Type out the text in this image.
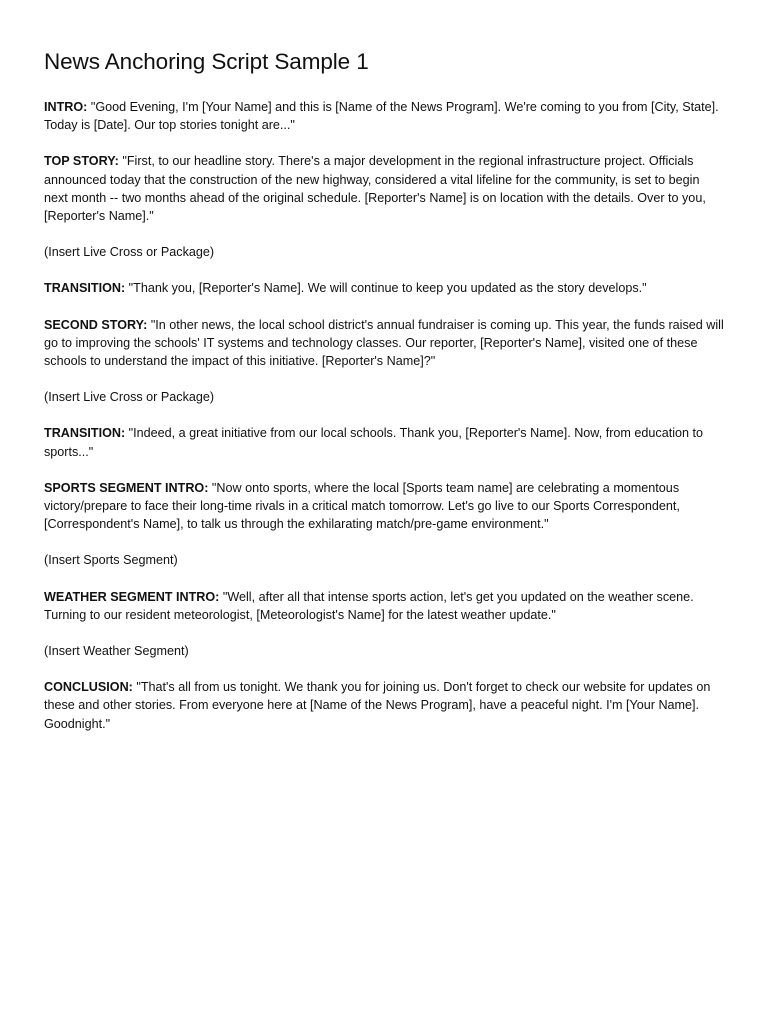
News Anchoring Script Sample 1

INTRO: "Good Evening, I'm [Your Name] and this is [Name of the News Program]. We're coming to you from [City, State]. Today is [Date]. Our top stories tonight are..."

TOP STORY: "First, to our headline story. There's a major development in the regional infrastructure project. Officials announced today that the construction of the new highway, considered a vital lifeline for the community, is set to begin next month -- two months ahead of the original schedule. [Reporter's Name] is on location with the details. Over to you, [Reporter's Name]."

(Insert Live Cross or Package)

TRANSITION: "Thank you, [Reporter's Name]. We will continue to keep you updated as the story develops."

SECOND STORY: "In other news, the local school district's annual fundraiser is coming up. This year, the funds raised will go to improving the schools' IT systems and technology classes. Our reporter, [Reporter's Name], visited one of these schools to understand the impact of this initiative. [Reporter's Name]?"

(Insert Live Cross or Package)

TRANSITION: "Indeed, a great initiative from our local schools. Thank you, [Reporter's Name]. Now, from education to sports..."

SPORTS SEGMENT INTRO: "Now onto sports, where the local [Sports team name] are celebrating a momentous victory/prepare to face their long-time rivals in a critical match tomorrow. Let's go live to our Sports Correspondent, [Correspondent's Name], to talk us through the exhilarating match/pre-game environment."

(Insert Sports Segment)

WEATHER SEGMENT INTRO: "Well, after all that intense sports action, let's get you updated on the weather scene. Turning to our resident meteorologist, [Meteorologist's Name] for the latest weather update."

(Insert Weather Segment)

CONCLUSION: "That's all from us tonight. We thank you for joining us. Don't forget to check our website for updates on these and other stories. From everyone here at [Name of the News Program], have a peaceful night. I'm [Your Name]. Goodnight."
